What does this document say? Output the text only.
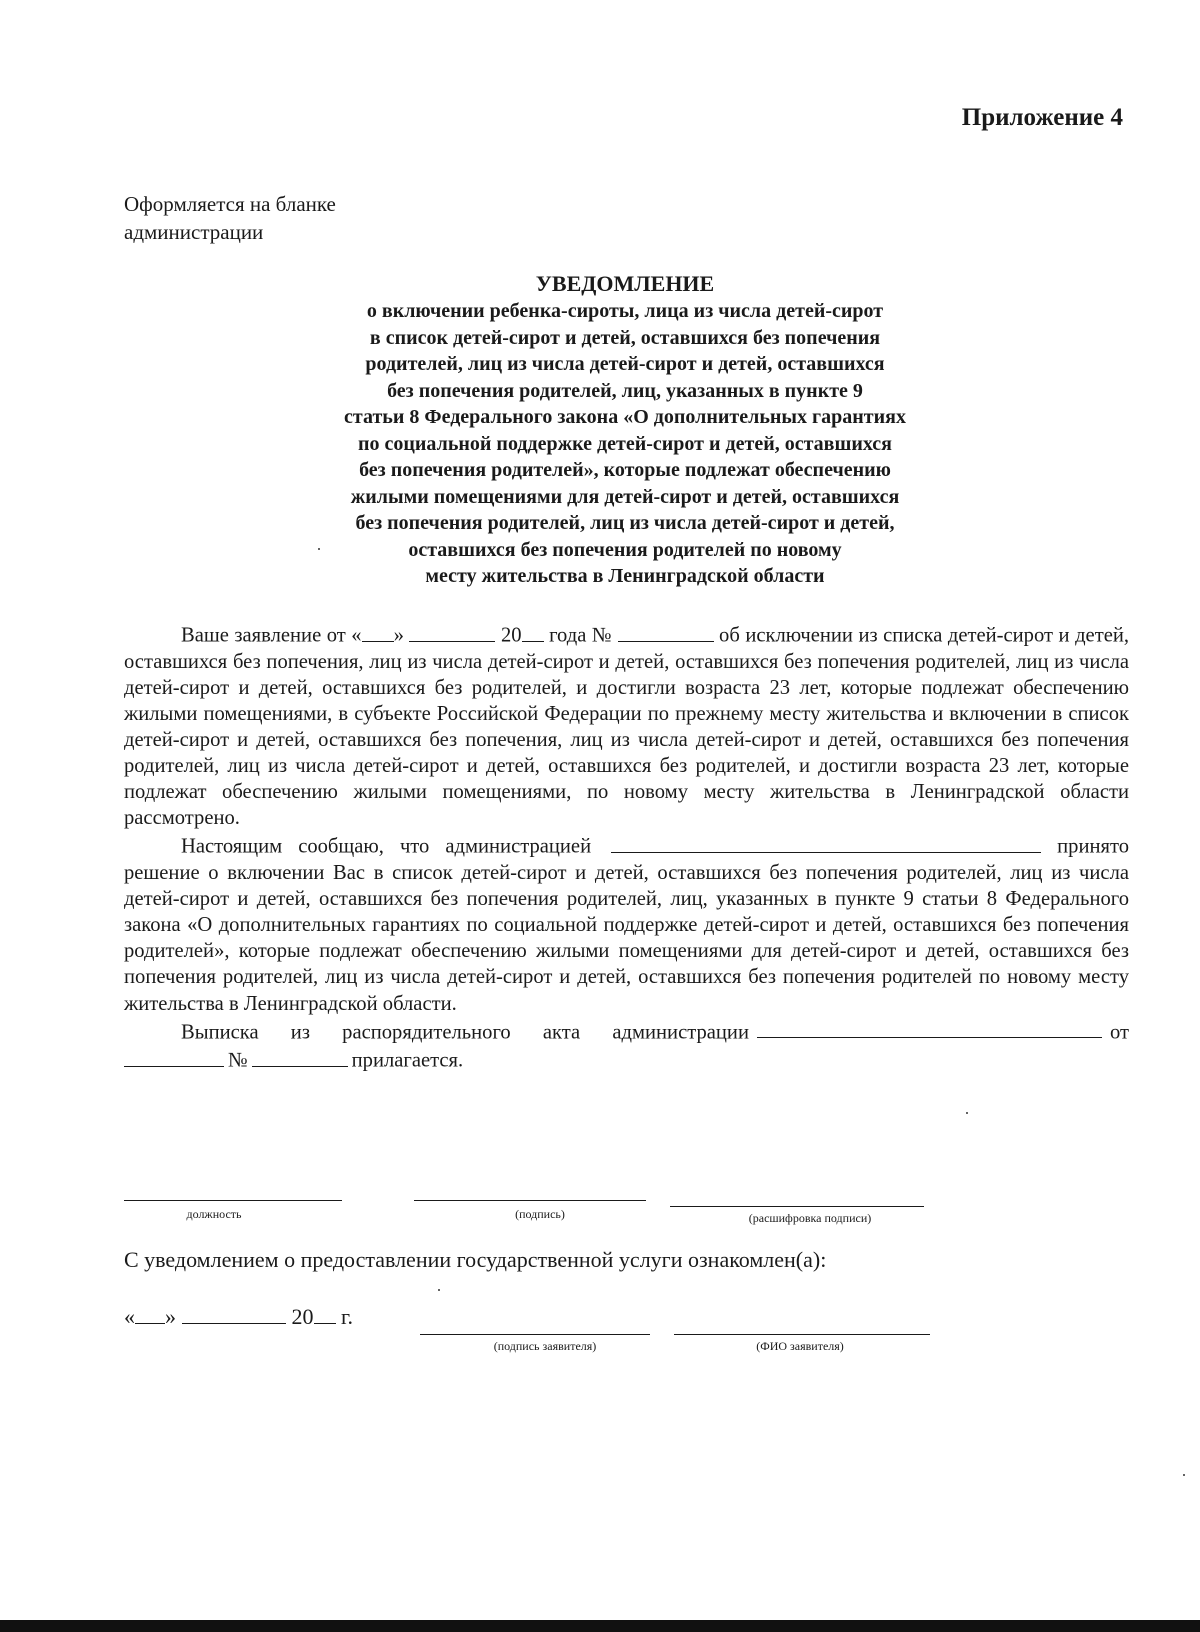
Приложение 4
Оформляется на бланке
администрации
УВЕДОМЛЕНИЕ
о включении ребенка-сироты, лица из числа детей-сирот
в список детей-сирот и детей, оставшихся без попечения
родителей, лиц из числа детей-сирот и детей, оставшихся
без попечения родителей, лиц, указанных в пункте 9
статьи 8 Федерального закона «О дополнительных гарантиях
по социальной поддержке детей-сирот и детей, оставшихся
без попечения родителей», которые подлежат обеспечению
жилыми помещениями для детей-сирот и детей, оставшихся
без попечения родителей, лиц из числа детей-сирот и детей,
оставшихся без попечения родителей по новому
месту жительства в Ленинградской области

Ваше заявление от « »	20 года №	об исключении из списка детей-сирот и детей, оставшихся без попечения, лиц из числа детей-сирот и детей, оставшихся без попечения родителей, лиц из числа детей-сирот и детей, оставшихся без родителей, и достигли возраста 23 лет, которые подлежат обеспечению жилыми помещениями, в субъекте Российской Федерации по прежнему месту жительства и включении в список детей-сирот и детей, оставшихся без попечения, лиц из числа детей-сирот и детей, оставшихся без попечения родителей, лиц из числа детей-сирот и детей, оставшихся без родителей, и достигли возраста 23 лет, которые подлежат обеспечению жилыми помещениями, по новому месту жительства в Ленинградской области рассмотрено.

Настоящим сообщаю, что администрацией	принято решение о включении Вас в список детей-сирот и детей, оставшихся без попечения родителей, лиц из числа детей-сирот и детей, оставшихся без попечения родителей, лиц, указанных в пункте 9 статьи 8 Федерального закона «О дополнительных гарантиях по социальной поддержке детей-сирот и детей, оставшихся без попечения родителей», которые подлежат обеспечению жилыми помещениями для детей-сирот и детей, оставшихся без попечения родителей, лиц из числа детей-сирот и детей, оставшихся без попечения родителей по новому месту жительства в Ленинградской области.

Выписка из распорядительного акта администрации	от №	прилагается.

должность	(подпись)	(расшифровка подписи)
С уведомлением о предоставлении государственной услуги ознакомлен(а):
« »	20 г.
(подпись заявителя)	(ФИО заявителя)
